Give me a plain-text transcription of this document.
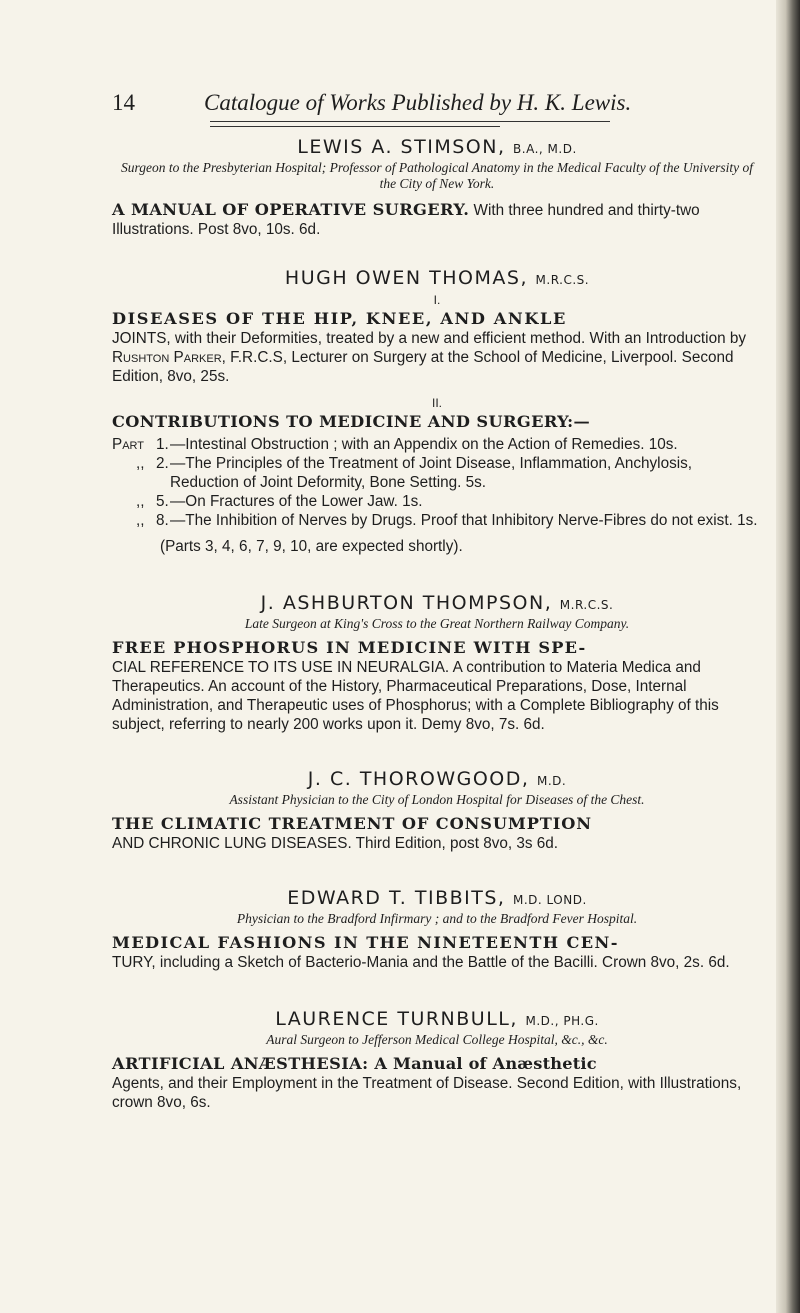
14	Catalogue of Works Published by H. K. Lewis.

LEWIS A. STIMSON, B.A., M.D.

Surgeon to the Presbyterian Hospital; Professor of Pathological Anatomy in the Medical Faculty of the University of the City of New York.

A MANUAL OF OPERATIVE SURGERY. With three hundred and thirty-two Illustrations. Post 8vo, 10s. 6d.

HUGH OWEN THOMAS, M.R.C.S.

I.

DISEASES OF THE HIP, KNEE, AND ANKLE
JOINTS, with their Deformities, treated by a new and efficient method. With an Introduction by Rushton Parker, F.R.C.S, Lecturer on Surgery at the School of Medicine, Liverpool. Second Edition, 8vo, 25s.

II.

CONTRIBUTIONS TO MEDICINE AND SURGERY:—

Part 1. —Intestinal Obstruction ; with an Appendix on the Action of Remedies. 10s.
,, 2. —The Principles of the Treatment of Joint Disease, Inflammation, Anchylosis, Reduction of Joint Deformity, Bone Setting. 5s.
,, 5. —On Fractures of the Lower Jaw. 1s.
,, 8. —The Inhibition of Nerves by Drugs. Proof that Inhibitory Nerve-Fibres do not exist. 1s.

(Parts 3, 4, 6, 7, 9, 10, are expected shortly).

J. ASHBURTON THOMPSON, M.R.C.S.

Late Surgeon at King's Cross to the Great Northern Railway Company.

FREE PHOSPHORUS IN MEDICINE WITH SPE-
CIAL REFERENCE TO ITS USE IN NEURALGIA. A contribution to Materia Medica and Therapeutics. An account of the History, Pharmaceutical Preparations, Dose, Internal Administration, and Therapeutic uses of Phosphorus; with a Complete Bibliography of this subject, referring to nearly 200 works upon it. Demy 8vo, 7s. 6d.

J. C. THOROWGOOD, M.D.

Assistant Physician to the City of London Hospital for Diseases of the Chest.

THE CLIMATIC TREATMENT OF CONSUMPTION
AND CHRONIC LUNG DISEASES. Third Edition, post 8vo, 3s 6d.

EDWARD T. TIBBITS, M.D. LOND.

Physician to the Bradford Infirmary ; and to the Bradford Fever Hospital.

MEDICAL FASHIONS IN THE NINETEENTH CEN-
TURY, including a Sketch of Bacterio-Mania and the Battle of the Bacilli. Crown 8vo, 2s. 6d.

LAURENCE TURNBULL, M.D., PH.G.

Aural Surgeon to Jefferson Medical College Hospital, &c., &c.

ARTIFICIAL ANÆSTHESIA: A Manual of Anæsthetic
Agents, and their Employment in the Treatment of Disease. Second Edition, with Illustrations, crown 8vo, 6s.
